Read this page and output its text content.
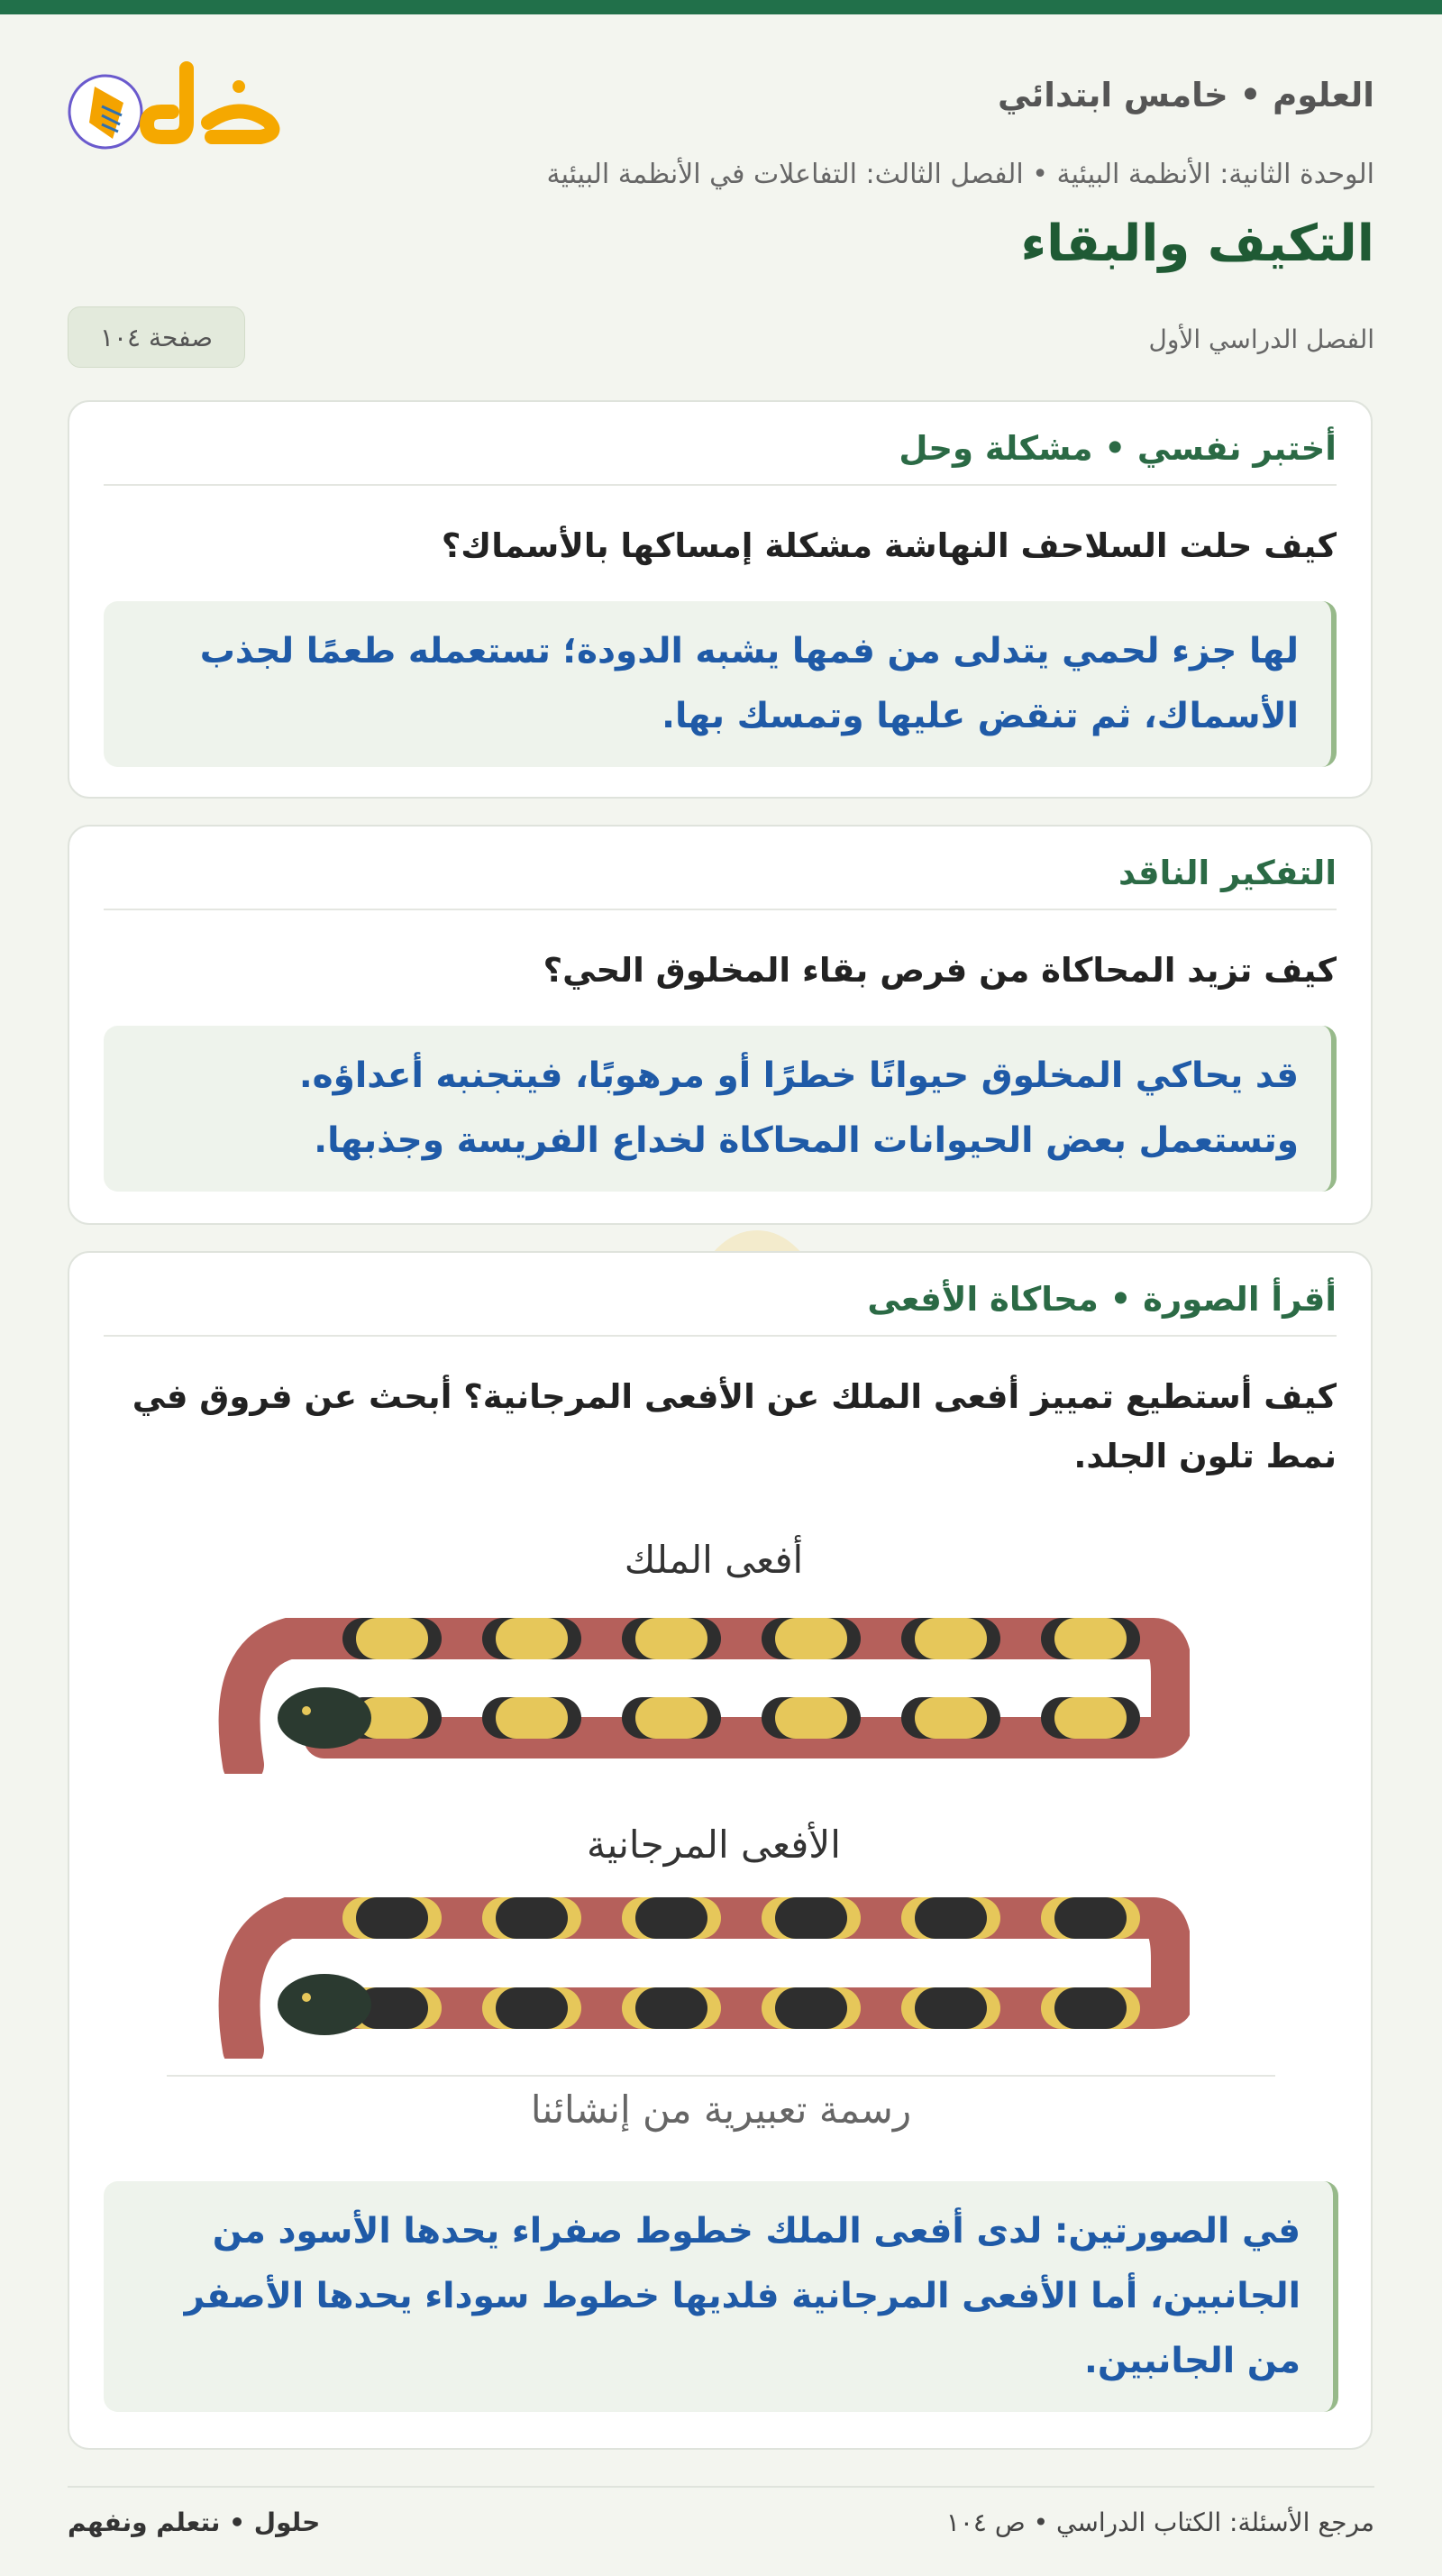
العلوم • خامس ابتدائي
الوحدة الثانية: الأنظمة البيئية • الفصل الثالث: التفاعلات في الأنظمة البيئية
التكيف والبقاء
الفصل الدراسي الأول
صفحة ١٠٤
أختبر نفسي • مشكلة وحل
كيف حلت السلاحف النهاشة مشكلة إمساكها بالأسماك؟
لها جزء لحمي يتدلى من فمها يشبه الدودة؛ تستعمله طعمًا لجذب الأسماك، ثم تنقض عليها وتمسك بها.
التفكير الناقد
كيف تزيد المحاكاة من فرص بقاء المخلوق الحي؟
قد يحاكي المخلوق حيوانًا خطرًا أو مرهوبًا، فيتجنبه أعداؤه. وتستعمل بعض الحيوانات المحاكاة لخداع الفريسة وجذبها.
أقرأ الصورة • محاكاة الأفعى
كيف أستطيع تمييز أفعى الملك عن الأفعى المرجانية؟ أبحث عن فروق في نمط تلون الجلد.
أفعى الملك
الأفعى المرجانية
رسمة تعبيرية من إنشائنا
في الصورتين: لدى أفعى الملك خطوط صفراء يحدها الأسود من الجانبين، أما الأفعى المرجانية فلديها خطوط سوداء يحدها الأصفر من الجانبين.
مرجع الأسئلة: الكتاب الدراسي • ص ١٠٤
حلول • نتعلم ونفهم
